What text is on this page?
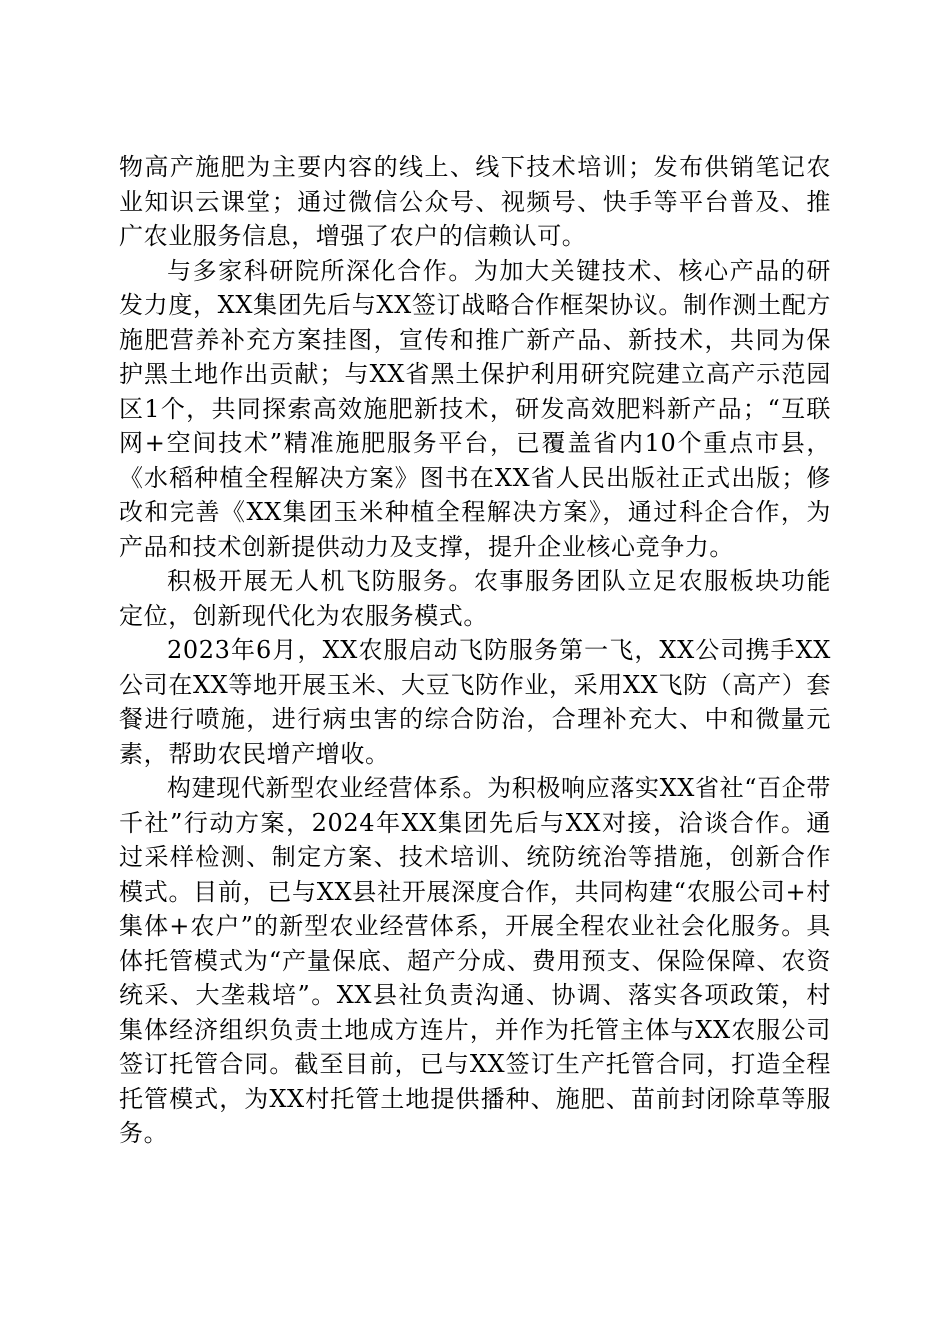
物高产施肥为主要内容的线上、线下技术培训；发布供销笔记农业知识云课堂；通过微信公众号、视频号、快手等平台普及、推广农业服务信息，增强了农户的信赖认可。

与多家科研院所深化合作。为加大关键技术、核心产品的研发力度，XX集团先后与XX签订战略合作框架协议。制作测土配方施肥营养补充方案挂图，宣传和推广新产品、新技术，共同为保护黑土地作出贡献；与XX省黑土保护利用研究院建立高产示范园区1个，共同探索高效施肥新技术，研发高效肥料新产品；“互联网+空间技术”精准施肥服务平台，已覆盖省内10个重点市县，《水稻种植全程解决方案》图书在XX省人民出版社正式出版；修改和完善《XX集团玉米种植全程解决方案》，通过科企合作，为产品和技术创新提供动力及支撑，提升企业核心竞争力。

积极开展无人机飞防服务。农事服务团队立足农服板块功能定位，创新现代化为农服务模式。

2023年6月，XX农服启动飞防服务第一飞，XX公司携手XX公司在XX等地开展玉米、大豆飞防作业，采用XX飞防（高产）套餐进行喷施，进行病虫害的综合防治，合理补充大、中和微量元素，帮助农民增产增收。

构建现代新型农业经营体系。为积极响应落实XX省社“百企带千社”行动方案，2024年XX集团先后与XX对接，洽谈合作。通过采样检测、制定方案、技术培训、统防统治等措施，创新合作模式。目前，已与XX县社开展深度合作，共同构建“农服公司+村集体+农户”的新型农业经营体系，开展全程农业社会化服务。具体托管模式为“产量保底、超产分成、费用预支、保险保障、农资统采、大垄栽培”。XX县社负责沟通、协调、落实各项政策，村集体经济组织负责土地成方连片，并作为托管主体与XX农服公司签订托管合同。截至目前，已与XX签订生产托管合同，打造全程托管模式，为XX村托管土地提供播种、施肥、苗前封闭除草等服务。
